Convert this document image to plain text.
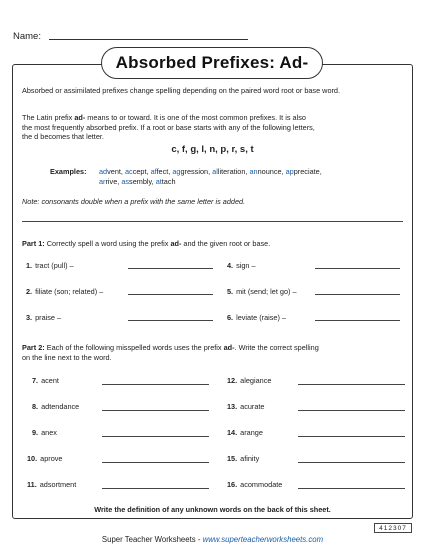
Name:
Absorbed Prefixes: Ad-
Absorbed or assimilated prefixes change spelling depending on the paired word root or base word.
The Latin prefix ad- means to or toward. It is one of the most common prefixes. It is also
the most frequently absorbed prefix. If a root or base starts with any of the following letters,
the d becomes that letter.
c, f, g, l, n, p, r, s, t
Examples: advent, accept, affect, aggression, alliteration, announce, appreciate,
arrive, assembly, attach
Note: consonants double when a prefix with the same letter is added.
Part 1: Correctly spell a word using the prefix ad- and the given root or base.
1. tract (pull) –	4. sign –
2. filiate (son; related) –	5. mit (send; let go) –
3. praise –	6. leviate (raise) –
Part 2: Each of the following misspelled words uses the prefix ad-. Write the correct spelling
on the line next to the word.
7. acent	12. alegiance
8. adtendance	13. acurate
9. anex	14. arange
10. aprove	15. afinity
11. adsortment	16. acommodate
Write the definition of any unknown words on the back of this sheet.
412307
Super Teacher Worksheets - www.superteacherworksheets.com
